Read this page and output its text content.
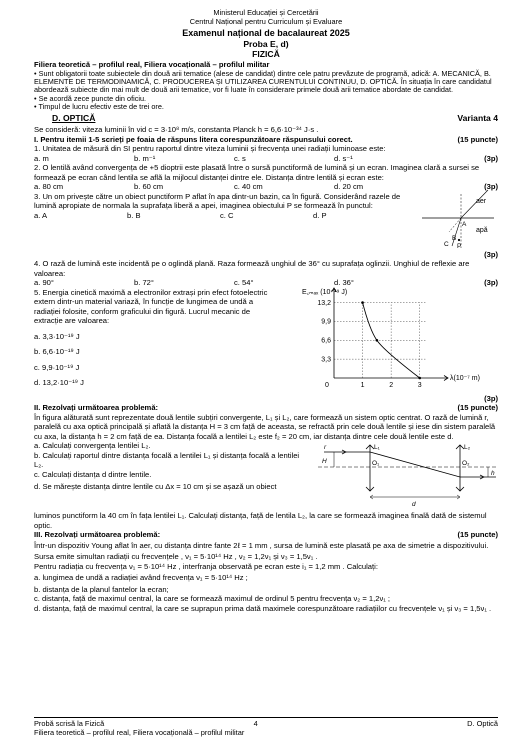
Ministerul Educației și Cercetării
Centrul Național pentru Curriculum și Evaluare
Examenul național de bacalaureat 2025
Proba E, d)
FIZICĂ
Filiera teoretică – profilul real, Filiera vocațională – profilul militar

• Sunt obligatorii toate subiectele din două arii tematice (alese de candidat) dintre cele patru prevăzute de programă, adică: A. MECANICĂ, B. ELEMENTE DE TERMODINAMICĂ, C. PRODUCEREA ȘI UTILIZAREA CURENTULUI CONTINUU, D. OPTICĂ. În situația în care candidatul abordează subiecte din mai mult de două arii tematice, vor fi luate în considerare primele două arii tematice abordate de candidat.

• Se acordă zece puncte din oficiu.

• Timpul de lucru efectiv este de trei ore.

D. OPTICĂ	Varianta 4

Se consideră: viteza luminii în vid c = 3·10⁸ m/s, constanta Planck h = 6,6·10⁻³⁴ J·s .

I. Pentru itemii 1-5 scrieți pe foaia de răspuns litera corespunzătoare răspunsului corect.	(15 puncte)

1. Unitatea de măsură din SI pentru raportul dintre viteza luminii și frecvența unei radiații luminoase este:

a. m	b. m⁻¹	c. s	d. s⁻¹	(3p)

2. O lentilă având convergența de +5 dioptrii este plasată între o sursă punctiformă de lumină și un ecran. Imaginea clară a sursei se formează pe ecran când lentila se află la mijlocul distanței dintre ele. Distanța dintre lentilă și ecran este:

a. 80 cm	b. 60 cm	c. 40 cm	d. 20 cm	(3p)

3. Un om privește către un obiect punctiform P aflat în apa dintr-un bazin, ca în figură. Considerând razele de lumină apropiate de normala la suprafața liberă a apei, imaginea obiectului P se formează în punctul:

a. A	b. B	c. C	d. P
aer
apă
A
B
C P
(3p)

4. O rază de lumină este incidentă pe o oglindă plană. Raza formează unghiul de 36° cu suprafața oglinzii. Unghiul de reflexie are valoarea:

a. 90°	b. 72°	c. 54°	d. 36°	(3p)

5. Energia cinetică maximă a electronilor extrași prin efect fotoelectric extern dintr-un material variază, în funcție de lungimea de undă a radiației folosite, conform graficului din figură. Lucrul mecanic de extracție are valoarea:

a. 3,3·10⁻¹⁹ J
b. 6,6·10⁻¹⁹ J
c. 9,9·10⁻¹⁹ J
d. 13,2·10⁻¹⁹ J
3,3
6,6
9,9
13,2
0	1	2	3
E꜀ₘₐₓ (10⁻¹⁹ J)
λ(10⁻⁷ m)
(3p)
II. Rezolvați următoarea problemă:	(15 puncte)

În figura alăturată sunt reprezentate două lentile subțiri convergente, L₁ și L₂, care formează un sistem optic centrat. O rază de lumină r, paralelă cu axa optică principală și aflată la distanța H = 3 cm față de aceasta, se refractă prin cele două lentile și iese din sistem paralelă cu axa, la distanța h = 2 cm față de ea. Distanța focală a lentilei L₂ este f₂ = 20 cm, iar distanța dintre cele două lentile este d.

a. Calculați convergența lentilei L₂.

b. Calculați raportul dintre distanța focală a lentilei L₁ și distanța focală a lentilei L₂.

c. Calculați distanța d dintre lentile.

d. Se mărește distanța dintre lentile cu Δx = 10 cm și se așază un obiect

L₁	L₂
r
H	O₁	O₂
h
d

luminos punctiform la 40 cm în fața lentilei L₁. Calculați distanța, față de lentila L₂, la care se formează imaginea finală dată de sistemul optic.

III. Rezolvați următoarea problemă:	(15 puncte)

Într-un dispozitiv Young aflat în aer, cu distanța dintre fante 2ℓ = 1 mm , sursa de lumină este plasată pe axa de simetrie a dispozitivului. Sursa emite simultan radiații cu frecvențele , ν₁ = 5·10¹⁴ Hz , ν₂ = 1,2ν₁ și ν₃ = 1,5ν₁ .

Pentru radiația cu frecvența ν₁ = 5·10¹⁴ Hz , interfranja observată pe ecran este i₁ = 1,2 mm . Calculați:

a. lungimea de undă a radiației având frecvența ν₁ = 5·10¹⁴ Hz ;

b. distanța de la planul fantelor la ecran;

c. distanța, față de maximul central, la care se formează maximul de ordinul 5 pentru frecvența ν₂ = 1,2ν₁ ;

d. distanța, față de maximul central, la care se suprapun prima dată maximele corespunzătoare radiațiilor cu frecvențele ν₁ și ν₃ = 1,5ν₁ .

Probă scrisă la Fizică	4	D. Optică
Filiera teoretică – profilul real, Filiera vocațională – profilul militar
